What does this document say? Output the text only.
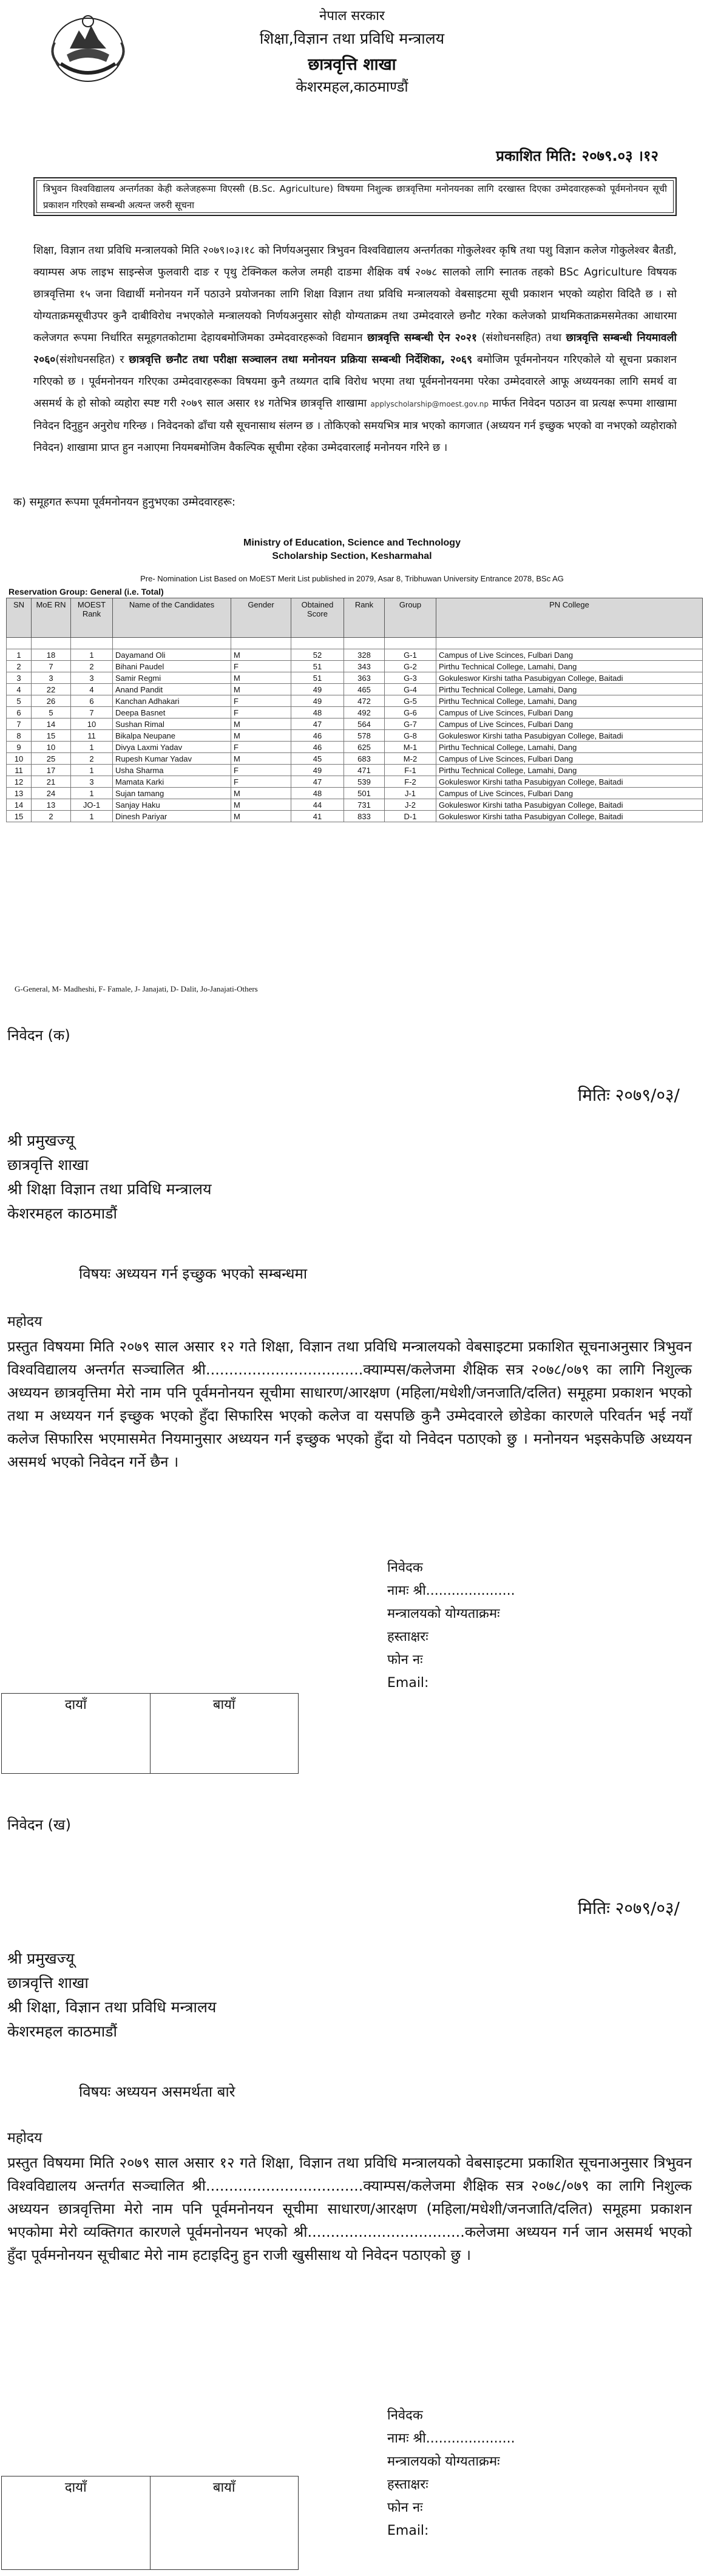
नेपाल सरकार
शिक्षा,विज्ञान तथा प्रविधि मन्त्रालय
छात्रवृत्ति शाखा
केशरमहल,काठमाण्डौं
प्रकाशित मिति: २०७९.०३ ।१२
त्रिभुवन विश्वविद्यालय अन्तर्गतका केही कलेजहरूमा विएस्सी (B.Sc. Agriculture) विषयमा निशुल्क छात्रवृत्तिमा मनोनयनका लागि दरखास्त दिएका उम्मेदवारहरूको पूर्वमनोनयन सूची प्रकाशन गरिएको सम्बन्धी अत्यन्त जरुरी सूचना
शिक्षा, विज्ञान तथा प्रविधि मन्त्रालयको मिति २०७९।०३।१८ को निर्णयअनुसार त्रिभुवन विश्वविद्यालय अन्तर्गतका गोकुलेश्वर कृषि तथा पशु विज्ञान कलेज गोकुलेश्वर बैतडी, क्याम्पस अफ लाइभ साइन्सेज फुलवारी दाङ र पृथु टेक्निकल कलेज लमही दाङमा शैक्षिक वर्ष २०७८ सालको लागि स्नातक तहको BSc Agriculture विषयक छात्रवृत्तिमा १५ जना विद्यार्थी मनोनयन गर्ने पठाउने प्रयोजनका लागि शिक्षा विज्ञान तथा प्रविधि मन्त्रालयको वेबसाइटमा सूची प्रकाशन भएको व्यहोरा विदितै छ । सो योग्यताक्रमसूचीउपर कुनै दाबीविरोध नभएकोले मन्त्रालयको निर्णयअनुसार सोही योग्यताक्रम तथा उम्मेदवारले छनौट गरेका कलेजको प्राथमिकताक्रमसमेतका आधारमा कलेजगत रूपमा निर्धारित समूहगतकोटामा देहायबमोजिमका उम्मेदवारहरूको विद्यमान छात्रवृत्ति सम्बन्धी ऐन २०२१ (संशोधनसहित) तथा छात्रवृत्ति सम्बन्धी नियमावली २०६०(संशोधनसहित) र छात्रवृत्ति छनौट तथा परीक्षा सञ्चालन तथा मनोनयन प्रक्रिया सम्बन्धी निर्देशिका, २०६९ बमोजिम पूर्वमनोनयन गरिएकोले यो सूचना प्रकाशन गरिएको छ । पूर्वमनोनयन गरिएका उम्मेदवारहरूका विषयमा कुनै तथ्यगत दाबि विरोध भएमा तथा पूर्वमनोनयनमा परेका उम्मेदवारले आफू अध्ययनका लागि समर्थ वा असमर्थ के हो सोको व्यहोरा स्पष्ट गरी २०७९ साल असार १४ गतेभित्र छात्रवृत्ति शाखामा applyscholarship@moest.gov.np मार्फत निवेदन पठाउन वा प्रत्यक्ष रूपमा शाखामा निवेदन दिनुहुन अनुरोध गरिन्छ । निवेदनको ढाँचा यसै सूचनासाथ संलग्न छ । तोकिएको समयभित्र मात्र भएको कागजात (अध्ययन गर्न इच्छुक भएको वा नभएको व्यहोराको निवेदन) शाखामा प्राप्त हुन नआएमा नियमबमोजिम वैकल्पिक सूचीमा रहेका उम्मेदवारलाई मनोनयन गरिने छ ।
क) समूहगत रूपमा पूर्वमनोनयन हुनुभएका उम्मेदवारहरू:
Ministry of Education, Science and Technology
Scholarship Section, Kesharmahal
Pre- Nomination List Based on MoEST Merit List published in 2079, Asar 8, Tribhuwan University Entrance 2078, BSc AG
Reservation Group: General (i.e. Total)
SN	MoE RN	MOEST Rank	Name of the Candidates	Gender	Obtained Score	Rank	Group	PN College

1	18	1	Dayamand Oli	M	52	328	G-1	Campus of Live Scinces, Fulbari Dang
2	7	2	Bihani Paudel	F	51	343	G-2	Pirthu Technical College, Lamahi, Dang
3	3	3	Samir Regmi	M	51	363	G-3	Gokuleswor Kirshi tatha Pasubigyan College, Baitadi
4	22	4	Anand Pandit	M	49	465	G-4	Pirthu Technical College, Lamahi, Dang
5	26	6	Kanchan Adhakari	F	49	472	G-5	Pirthu Technical College, Lamahi, Dang
6	5	7	Deepa Basnet	F	48	492	G-6	Campus of Live Scinces, Fulbari Dang
7	14	10	Sushan Rimal	M	47	564	G-7	Campus of Live Scinces, Fulbari Dang
8	15	11	Bikalpa Neupane	M	46	578	G-8	Gokuleswor Kirshi tatha Pasubigyan College, Baitadi
9	10	1	Divya Laxmi Yadav	F	46	625	M-1	Pirthu Technical College, Lamahi, Dang
10	25	2	Rupesh Kumar Yadav	M	45	683	M-2	Campus of Live Scinces, Fulbari Dang
11	17	1	Usha Sharma	F	49	471	F-1	Pirthu Technical College, Lamahi, Dang
12	21	3	Mamata Karki	F	47	539	F-2	Gokuleswor Kirshi tatha Pasubigyan College, Baitadi
13	24	1	Sujan tamang	M	48	501	J-1	Campus of Live Scinces, Fulbari Dang
14	13	JO-1	Sanjay Haku	M	44	731	J-2	Gokuleswor Kirshi tatha Pasubigyan College, Baitadi
15	2	1	Dinesh Pariyar	M	41	833	D-1	Gokuleswor Kirshi tatha Pasubigyan College, Baitadi
G-General, M- Madheshi, F- Famale, J- Janajati, D- Dalit, Jo-Janajati-Others
निवेदन (क)
मितिः २०७९/०३/
श्री प्रमुखज्यू
छात्रवृत्ति शाखा
श्री शिक्षा विज्ञान तथा प्रविधि मन्त्रालय
केशरमहल काठमाडौं
विषयः अध्ययन गर्न इच्छुक भएको सम्बन्धमा
महोदय
प्रस्तुत विषयमा मिति २०७९ साल असार १२ गते शिक्षा, विज्ञान तथा प्रविधि मन्त्रालयको वेबसाइटमा प्रकाशित सूचनाअनुसार त्रिभुवन विश्वविद्यालय अन्तर्गत सञ्चालित श्री..................................क्याम्पस/कलेजमा शैक्षिक सत्र २०७८/०७९ का लागि निशुल्क अध्ययन छात्रवृत्तिमा मेरो नाम पनि पूर्वमनोनयन सूचीमा साधारण/आरक्षण (महिला/मधेशी/जनजाति/दलित) समूहमा प्रकाशन भएको तथा म अध्ययन गर्न इच्छुक भएको हुँदा सिफारिस भएको कलेज वा यसपछि कुनै उम्मेदवारले छोडेका कारणले परिवर्तन भई नयाँ कलेज सिफारिस भएमासमेत नियमानुसार अध्ययन गर्न इच्छुक भएको हुँदा यो निवेदन पठाएको छु । मनोनयन भइसकेपछि अध्ययन असमर्थ भएको निवेदन गर्ने छैन ।
निवेदक
नामः श्री.....................
मन्त्रालयको योग्यताक्रमः
हस्ताक्षरः
फोन नः
Email:
दायाँ	बायाँ
निवेदन (ख)
मितिः २०७९/०३/
श्री प्रमुखज्यू
छात्रवृत्ति शाखा
श्री शिक्षा, विज्ञान तथा प्रविधि मन्त्रालय
केशरमहल काठमाडौं
विषयः अध्ययन असमर्थता बारे
महोदय
प्रस्तुत विषयमा मिति २०७९ साल असार १२ गते शिक्षा, विज्ञान तथा प्रविधि मन्त्रालयको वेबसाइटमा प्रकाशित सूचनाअनुसार त्रिभुवन विश्वविद्यालय अन्तर्गत सञ्चालित श्री..................................क्याम्पस/कलेजमा शैक्षिक सत्र २०७८/०७९ का लागि निशुल्क अध्ययन छात्रवृत्तिमा मेरो नाम पनि पूर्वमनोनयन सूचीमा साधारण/आरक्षण (महिला/मधेशी/जनजाति/दलित) समूहमा प्रकाशन भएकोमा मेरो व्यक्तिगत कारणले पूर्वमनोनयन भएको श्री..................................कलेजमा अध्ययन गर्न जान असमर्थ भएको हुँदा पूर्वमनोनयन सूचीबाट मेरो नाम हटाइदिनु हुन राजी खुसीसाथ यो निवेदन पठाएको छु ।
निवेदक
नामः श्री.....................
मन्त्रालयको योग्यताक्रमः
हस्ताक्षरः
फोन नः
Email:
दायाँ	बायाँ
